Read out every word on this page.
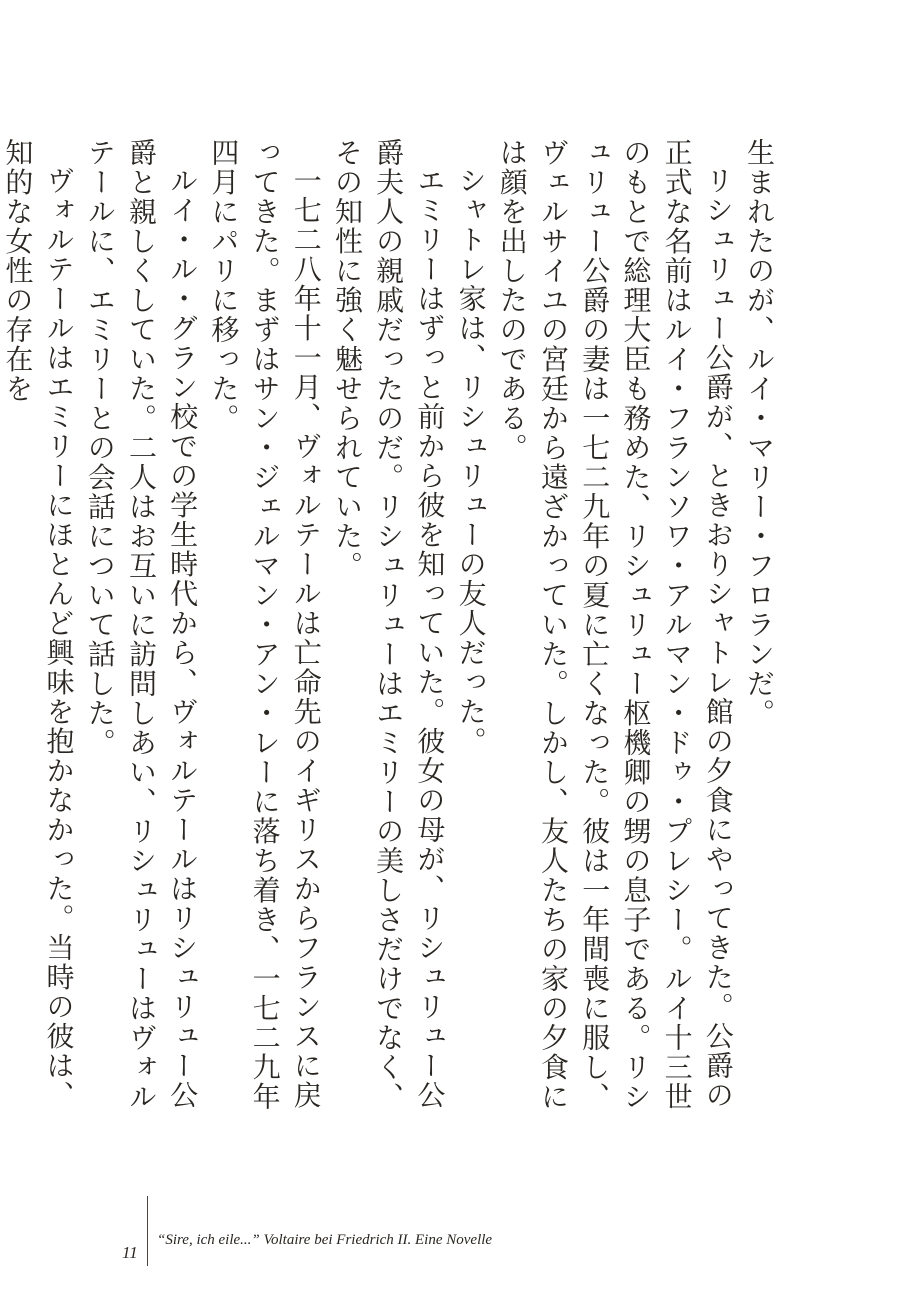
生まれたのが、ルイ・マリー・フロランだ。

リシュリュー公爵が、ときおりシャトレ館の夕食にやってきた。公爵の正式な名前はルイ・フランソワ・アルマン・ドゥ・プレシー。ルイ十三世のもとで総理大臣も務めた、リシュリュー枢機卿の甥の息子である。リシュリュー公爵の妻は一七二九年の夏に亡くなった。彼は一年間喪に服し、ヴェルサイユの宮廷から遠ざかっていた。しかし、友人たちの家の夕食には顔を出したのである。

シャトレ家は、リシュリューの友人だった。

エミリーはずっと前から彼を知っていた。彼女の母が、リシュリュー公爵夫人の親戚だったのだ。リシュリューはエミリーの美しさだけでなく、その知性に強く魅せられていた。

一七二八年十一月、ヴォルテールは亡命先のイギリスからフランスに戻ってきた。まずはサン・ジェルマン・アン・レーに落ち着き、一七二九年四月にパリに移った。

ルイ・ル・グラン校での学生時代から、ヴォルテールはリシュリュー公爵と親しくしていた。二人はお互いに訪問しあい、リシュリューはヴォルテールに、エミリーとの会話について話した。

ヴォルテールはエミリーにほとんど興味を抱かなかった。当時の彼は、知的な女性の存在を

11
“Sire, ich eile...” Voltaire bei Friedrich II. Eine Novelle
